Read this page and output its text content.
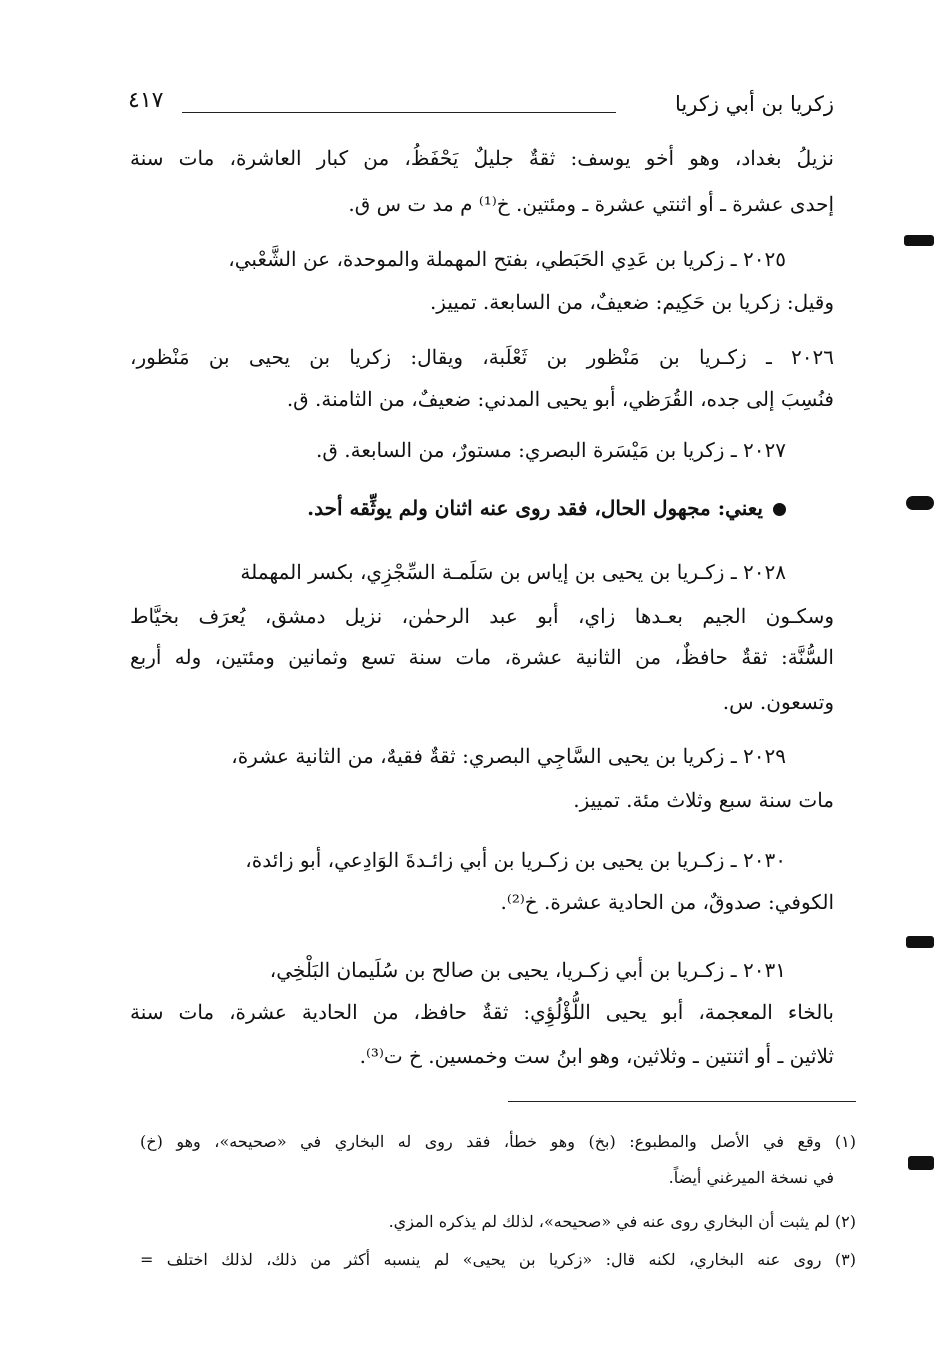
زكريا بن أبي زكريا
٤١٧
نزيلُ بغداد، وهو أخو يوسف: ثقةٌ جليلٌ يَحْفَظُ، من كبار العاشرة، مات سنة
إحدى عشرة ـ أو اثنتي عشرة ـ ومئتين. خ⁽¹⁾ م مد ت س ق.
٢٠٢٥ ـ زكريا بن عَدِي الحَبَطي، بفتح المهملة والموحدة، عن الشَّعْبي،
وقيل: زكريا بن حَكِيم: ضعيفٌ، من السابعة. تمييز.
٢٠٢٦ ـ زكـريا بن مَنْظور بن ثَعْلَبة، ويقال: زكريا بن يحيى بن مَنْظور،
فنُسِبَ إلى جده، القُرَظي، أبو يحيى المدني: ضعيفٌ، من الثامنة. ق.
٢٠٢٧ ـ زكريا بن مَيْسَرة البصري: مستورٌ، من السابعة. ق.
يعني: مجهول الحال، فقد روى عنه اثنان ولم يوثِّقه أحد.
٢٠٢٨ ـ زكـريا بن يحيى بن إياس بن سَلَمـة السِّجْزِي، بكسر المهملة
وسكـون الجيم بعـدها زاي، أبو عبد الرحمٰن، نزيل دمشق، يُعرَف بخيَّاط
السُّنَّة: ثقةٌ حافظٌ، من الثانية عشرة، مات سنة تسع وثمانين ومئتين، وله أربع
وتسعون. س.
٢٠٢٩ ـ زكريا بن يحيى السَّاجِي البصري: ثقةٌ فقيهٌ، من الثانية عشرة،
مات سنة سبع وثلاث مئة. تمييز.
٢٠٣٠ ـ زكـريا بن يحيى بن زكـريا بن أبي زائـدةَ الوَادِعي، أبو زائدة،
الكوفي: صدوقٌ، من الحادية عشرة. خ⁽²⁾.
٢٠٣١ ـ زكـريا بن أبي زكـريا، يحيى بن صالح بن سُلَيمان البَلْخِي،
بالخاء المعجمة، أبو يحيى اللُّؤْلُؤِي: ثقةٌ حافظ، من الحادية عشرة، مات سنة
ثلاثين ـ أو اثنتين ـ وثلاثين، وهو ابنُ ست وخمسين. خ ت⁽³⁾.
(١) وقع في الأصل والمطبوع: (بخ) وهو خطأ، فقد روى له البخاري في «صحيحه»، وهو (خ)
في نسخة الميرغني أيضاً.
(٢) لم يثبت أن البخاري روى عنه في «صحيحه»، لذلك لم يذكره المزي.
(٣) روى عنه البخاري، لكنه قال: «زكريا بن يحيى» لم ينسبه أكثر من ذلك، لذلك اختلف =
